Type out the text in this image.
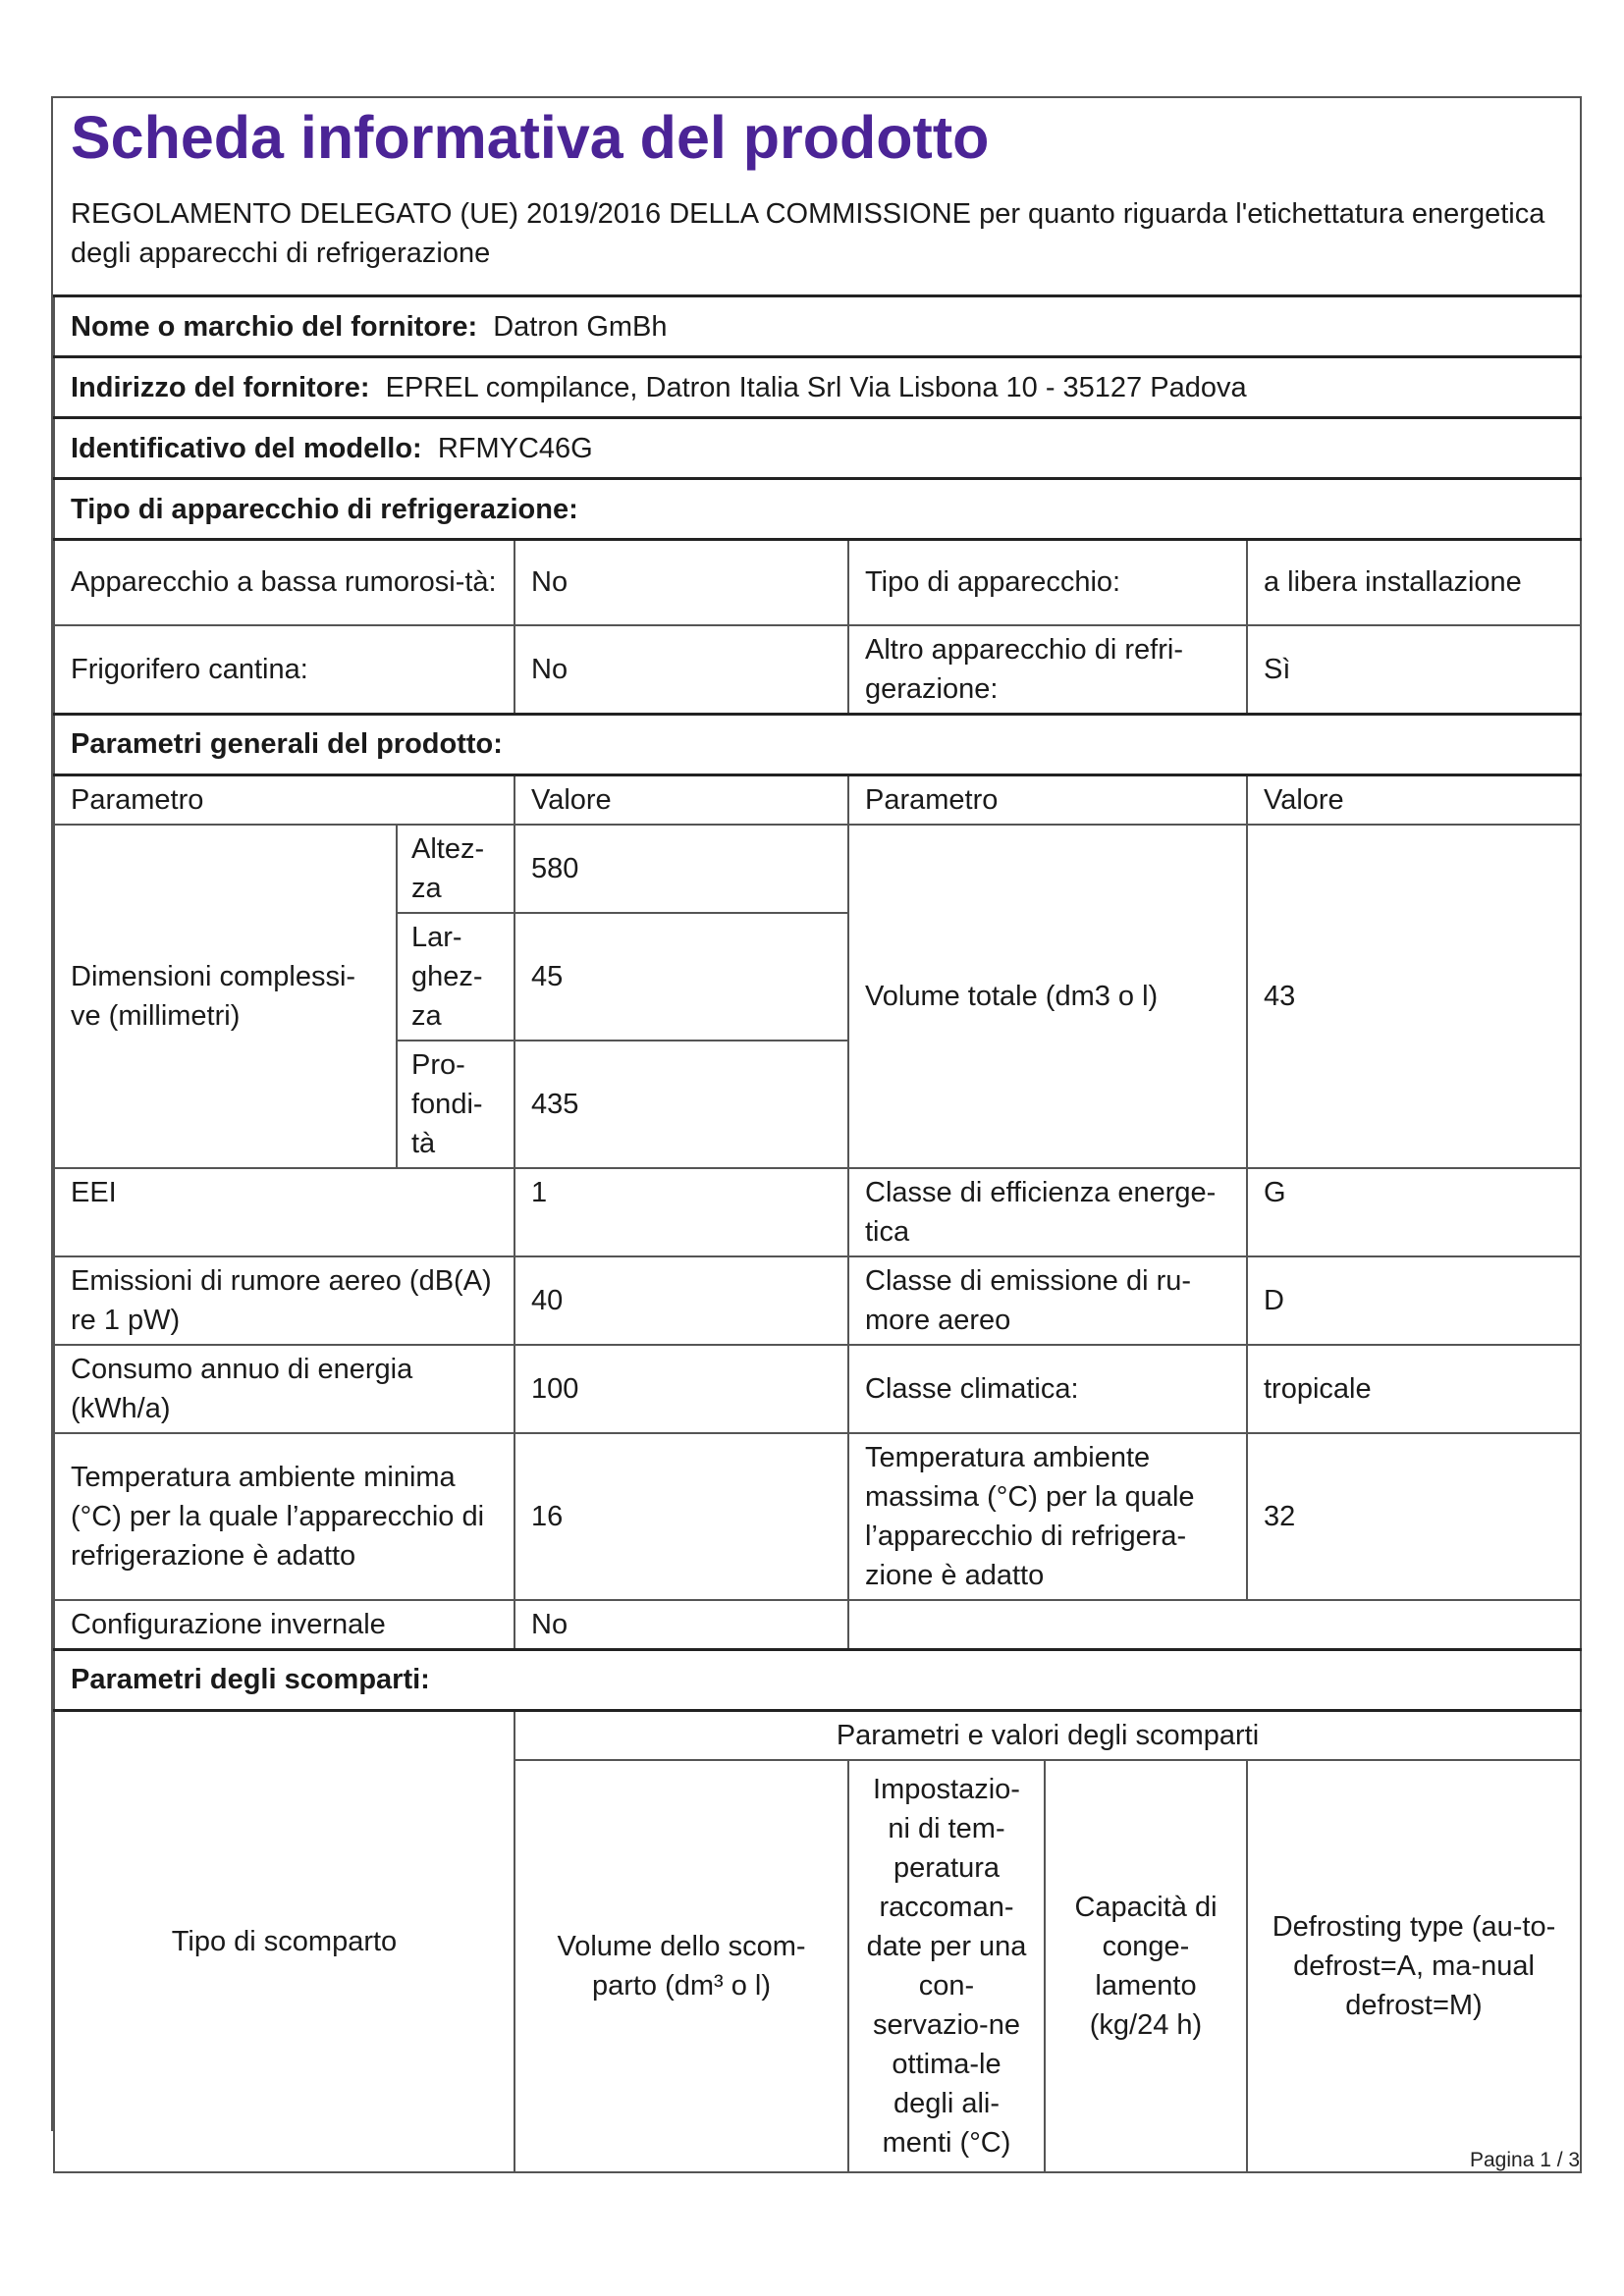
Scheda informativa del prodotto

REGOLAMENTO DELEGATO (UE) 2019/2016 DELLA COMMISSIONE per quanto riguarda l'etichettatura energetica degli apparecchi di refrigerazione

Nome o marchio del fornitore: Datron GmBh					
Indirizzo del fornitore: EPREL compilance, Datron Italia Srl Via Lisbona 10 - 35127 Padova					
Identificativo del modello: RFMYC46G					
Tipo di apparecchio di refrigerazione:					
Apparecchio a bassa rumorosi-tà:		No	Tipo di apparecchio:		a libera installazione
Frigorifero cantina:		No	Altro apparecchio di refri-gerazione:		Sì
Parametri generali del prodotto:					
Parametro		Valore	Parametro		Valore
Dimensioni complessi-ve (millimetri)	Altez-za	580	Volume totale (dm3 o l)		43
	Lar-ghez-za	45			
	Pro-fondi-tà	435			
EEI		1	Classe di efficienza energe-tica		G
Emissioni di rumore aereo (dB(A) re 1 pW)		40	Classe di emissione di ru-more aereo		D
Consumo annuo di energia (kWh/a)		100	Classe climatica:		tropicale
Temperatura ambiente minima (°C) per la quale l’apparecchio di refrigerazione è adatto		16	Temperatura ambiente massima (°C) per la quale l’apparecchio di refrigera-zione è adatto		32
Configurazione invernale		No			
Parametri degli scomparti:					
Tipo di scomparto		Parametri e valori degli scomparti			
		Volume dello scom-parto (dm³ o l)	Impostazio-ni di tem-peratura raccoman-date per una con-servazio-ne ottima-le degli ali-menti (°C)	Capacità di conge-lamento (kg/24 h)	Defrosting type (au-to-defrost=A, ma-nual defrost=M)
Pagina 1 / 3
